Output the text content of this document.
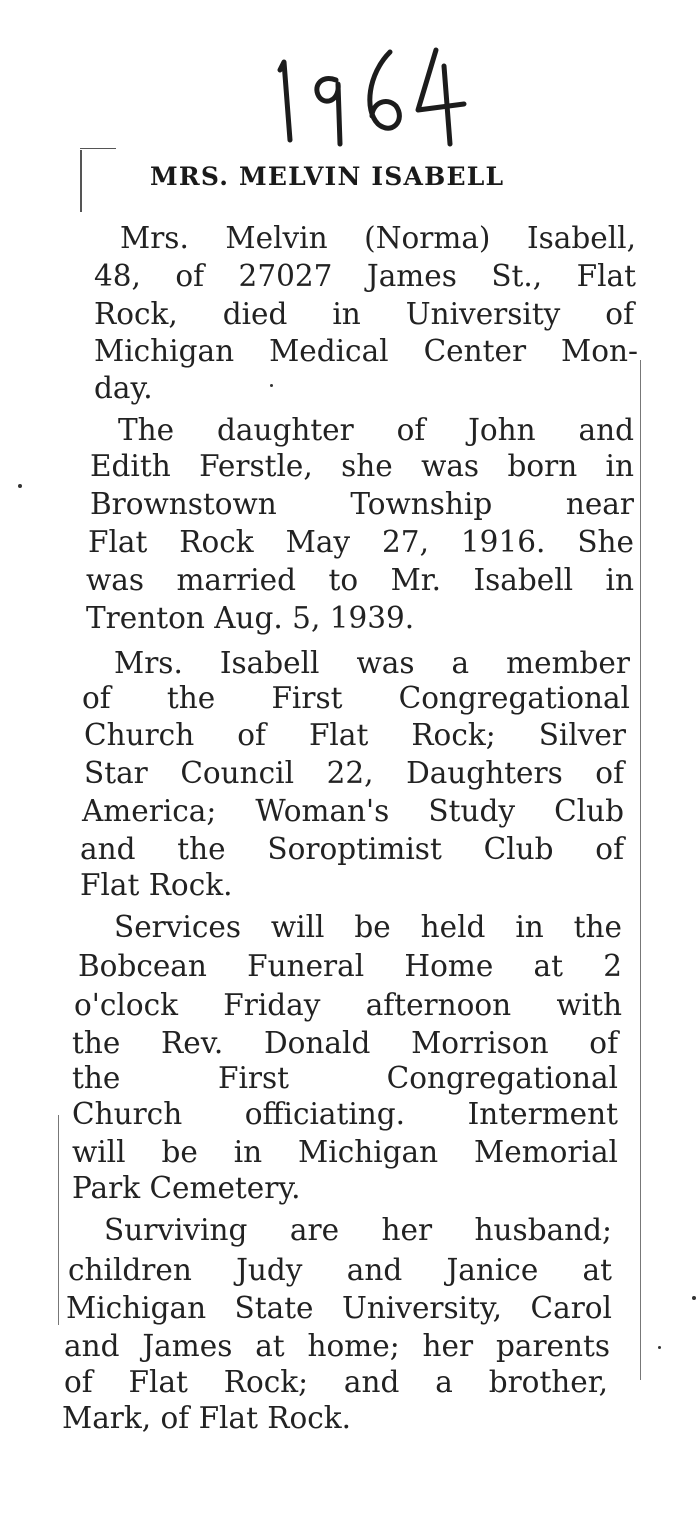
MRS. MELVIN ISABELL

Mrs. Melvin (Norma) Isabell,

48, of 27027 James St., Flat

Rock, died in University of

Michigan Medical Center Mon-

day.

The daughter of John and

Edith Ferstle, she was born in

Brownstown Township near

Flat Rock May 27, 1916. She

was married to Mr. Isabell in

Trenton Aug. 5, 1939.

Mrs. Isabell was a member

of the First Congregational

Church of Flat Rock; Silver

Star Council 22, Daughters of

America; Woman's Study Club

and the Soroptimist Club of

Flat Rock.

Services will be held in the

Bobcean Funeral Home at 2

o'clock Friday afternoon with

the Rev. Donald Morrison of

the First Congregational

Church officiating. Interment

will be in Michigan Memorial

Park Cemetery.

Surviving are her husband;

children Judy and Janice at

Michigan State University, Carol

and James at home; her parents

of Flat Rock; and a brother,

Mark, of Flat Rock.
